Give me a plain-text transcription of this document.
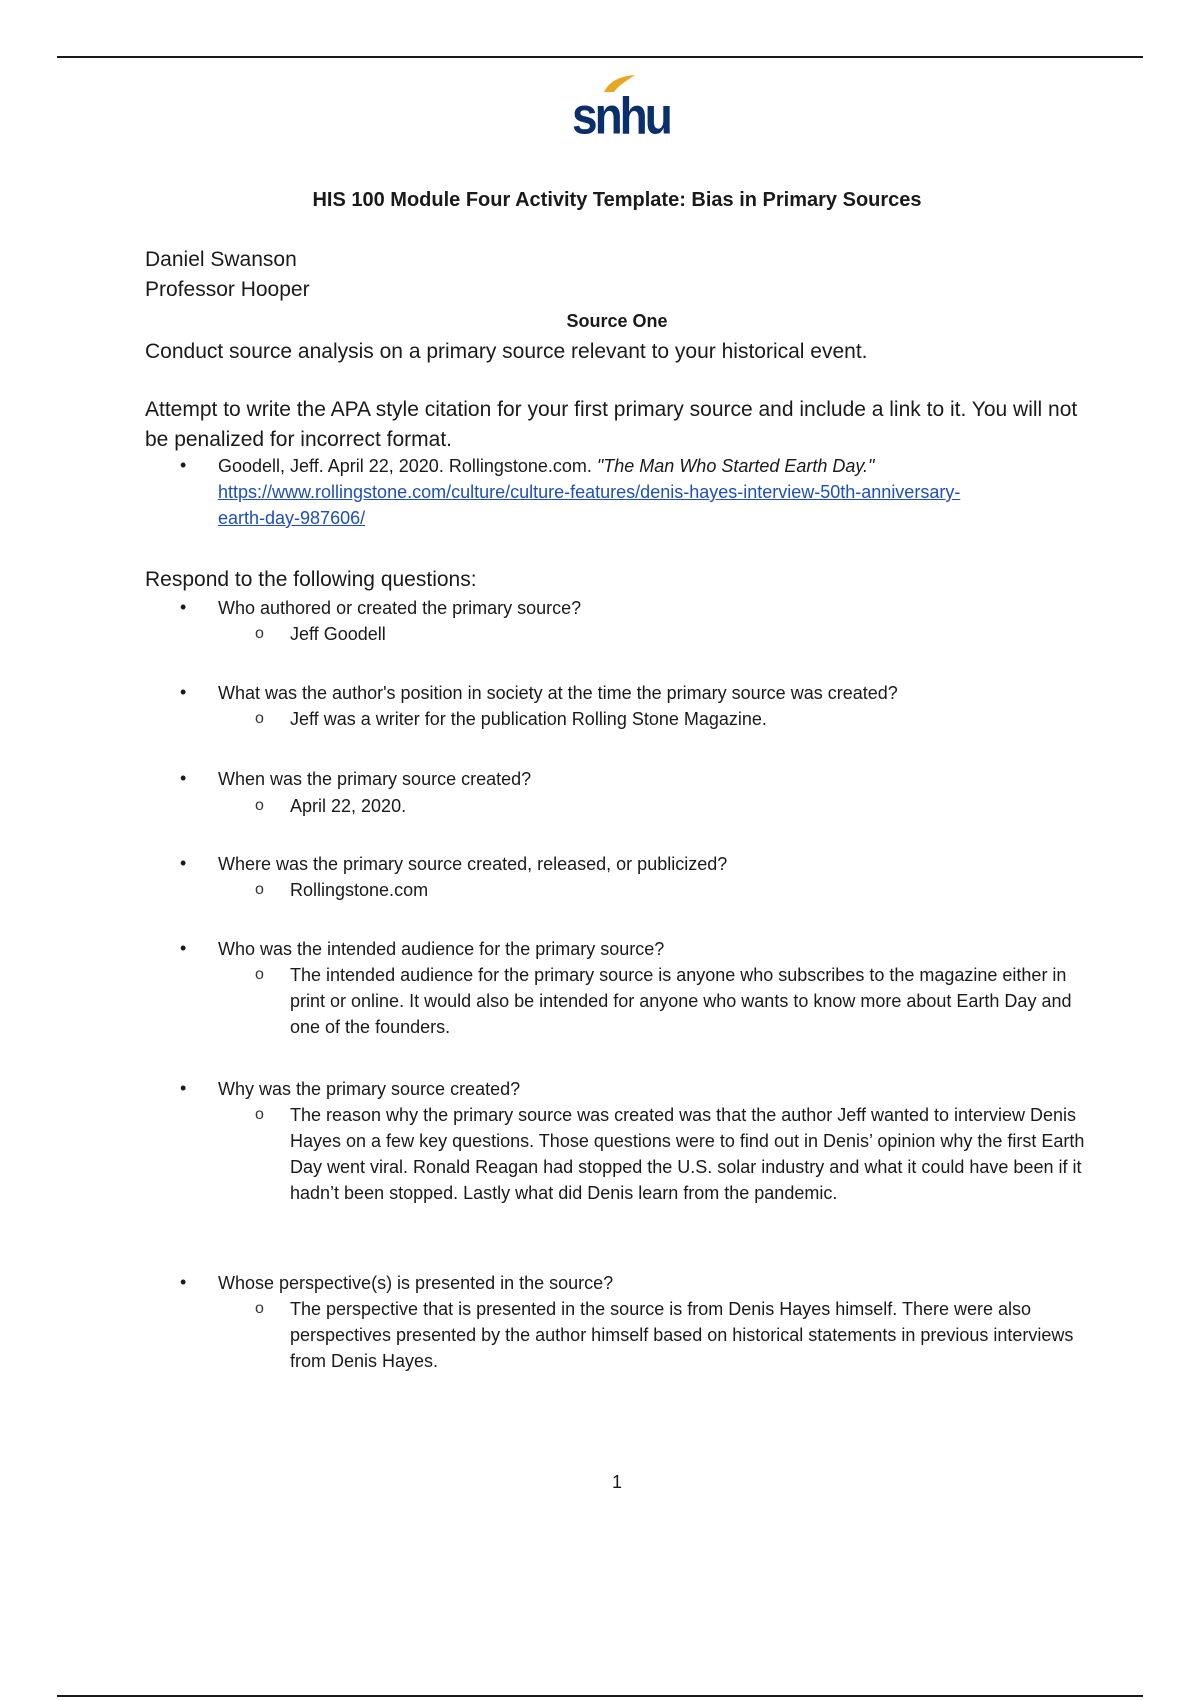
snhu
HIS 100 Module Four Activity Template: Bias in Primary Sources
Daniel Swanson
Professor Hooper
Source One
Conduct source analysis on a primary source relevant to your historical event.
Attempt to write the APA style citation for your first primary source and include a link to it. You will not be penalized for incorrect format.
• Goodell, Jeff. April 22, 2020. Rollingstone.com. "The Man Who Started Earth Day." https://www.rollingstone.com/culture/culture-features/denis-hayes-interview-50th-anniversary-earth-day-987606/
Respond to the following questions:
• Who authored or created the primary source?
o Jeff Goodell
• What was the author's position in society at the time the primary source was created?
o Jeff was a writer for the publication Rolling Stone Magazine.
• When was the primary source created?
o April 22, 2020.
• Where was the primary source created, released, or publicized?
o Rollingstone.com
• Who was the intended audience for the primary source?
o The intended audience for the primary source is anyone who subscribes to the magazine either in print or online. It would also be intended for anyone who wants to know more about Earth Day and one of the founders.
• Why was the primary source created?
o The reason why the primary source was created was that the author Jeff wanted to interview Denis Hayes on a few key questions. Those questions were to find out in Denis’ opinion why the first Earth Day went viral. Ronald Reagan had stopped the U.S. solar industry and what it could have been if it hadn’t been stopped. Lastly what did Denis learn from the pandemic.
• Whose perspective(s) is presented in the source?
o The perspective that is presented in the source is from Denis Hayes himself. There were also perspectives presented by the author himself based on historical statements in previous interviews from Denis Hayes.
1
